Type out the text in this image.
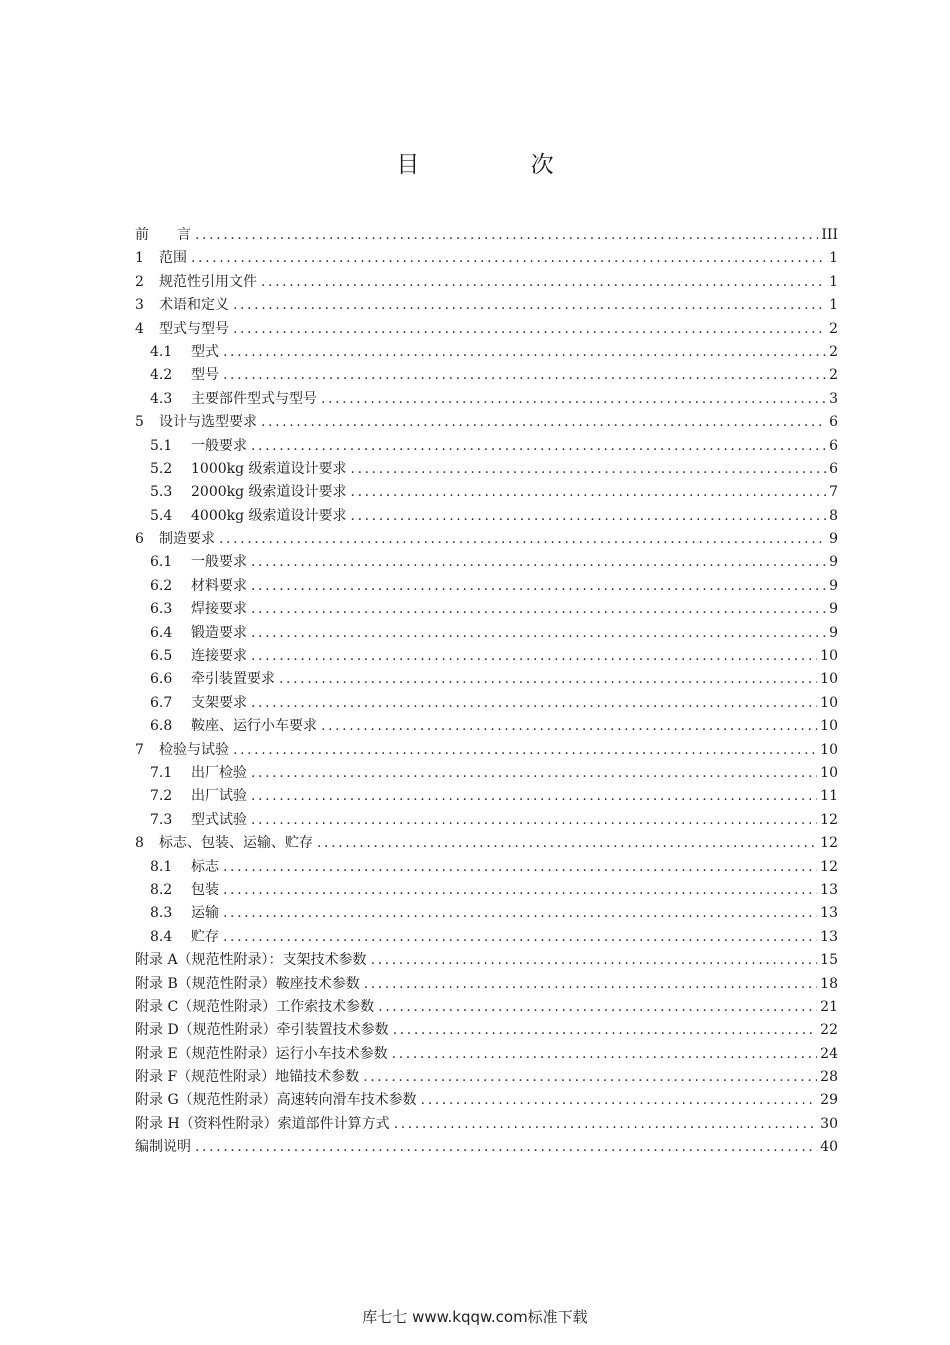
目 次
前　　言 .....	III
1	范围 .....	1
2	规范性引用文件 .....	1
3	术语和定义 .....	1
4	型式与型号 .....	2
4.1	型式 .....	2
4.2	型号 .....	2
4.3	主要部件型式与型号 .....	3
5	设计与选型要求 .....	6
5.1	一般要求 .....	6
5.2	1000kg 级索道设计要求 .....	6
5.3	2000kg 级索道设计要求 .....	7
5.4	4000kg 级索道设计要求 .....	8
6	制造要求 .....	9
6.1	一般要求 .....	9
6.2	材料要求 .....	9
6.3	焊接要求 .....	9
6.4	锻造要求 .....	9
6.5	连接要求 .....	10
6.6	牵引装置要求 .....	10
6.7	支架要求 .....	10
6.8	鞍座、运行小车要求 .....	10
7	检验与试验 .....	10
7.1	出厂检验 .....	10
7.2	出厂试验 .....	11
7.3	型式试验 .....	12
8	标志、包装、运输、贮存 .....	12
8.1	标志 .....	12
8.2	包装 .....	13
8.3	运输 .....	13
8.4	贮存 .....	13
附录 A（规范性附录）：支架技术参数 .....	15
附录 B（规范性附录）鞍座技术参数 .....	18
附录 C（规范性附录）工作索技术参数 .....	21
附录 D（规范性附录）牵引装置技术参数 .....	22
附录 E（规范性附录）运行小车技术参数 .....	24
附录 F（规范性附录）地锚技术参数 .....	28
附录 G（规范性附录）高速转向滑车技术参数 .....	29
附录 H（资料性附录）索道部件计算方式 .....	30
编制说明 .....	40
库七七 www.kqqw.com标准下载
